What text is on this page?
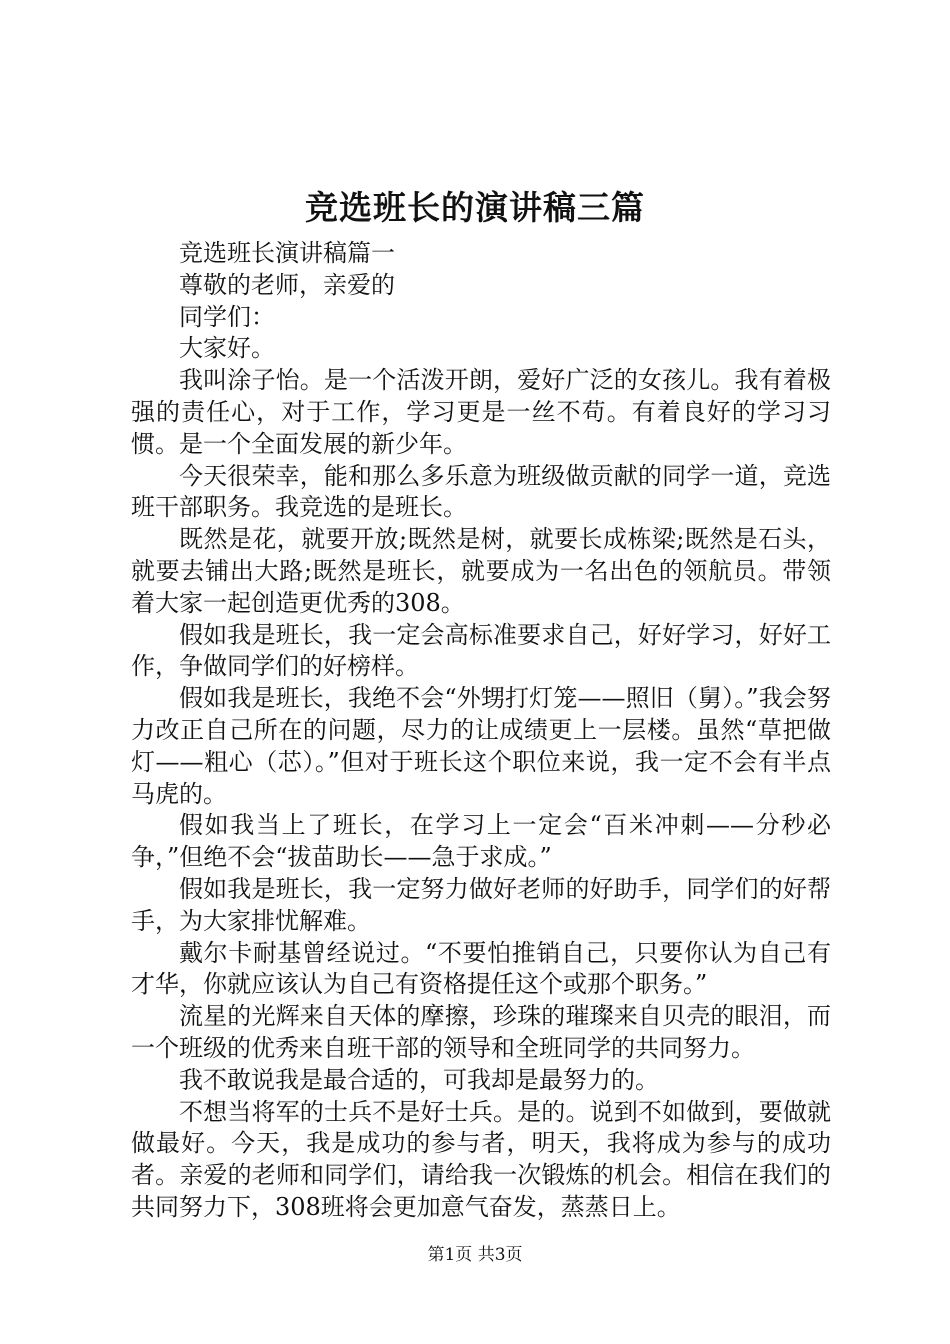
竞选班长的演讲稿三篇

竞选班长演讲稿篇一

尊敬的老师，亲爱的

同学们：

大家好。

我叫涂子怡。是一个活泼开朗，爱好广泛的女孩儿。我有着极强的责任心，对于工作，学习更是一丝不苟。有着良好的学习习惯。是一个全面发展的新少年。

今天很荣幸，能和那么多乐意为班级做贡献的同学一道，竞选班干部职务。我竞选的是班长。

既然是花，就要开放;既然是树，就要长成栋梁;既然是石头，就要去铺出大路;既然是班长，就要成为一名出色的领航员。带领着大家一起创造更优秀的308。

假如我是班长，我一定会高标准要求自己，好好学习，好好工作，争做同学们的好榜样。

假如我是班长，我绝不会“外甥打灯笼——照旧（舅）。”我会努力改正自己所在的问题，尽力的让成绩更上一层楼。虽然“草把做灯——粗心（芯）。”但对于班长这个职位来说，我一定不会有半点马虎的。

假如我当上了班长，在学习上一定会“百米冲刺——分秒必争，”但绝不会“拔苗助长——急于求成。”

假如我是班长，我一定努力做好老师的好助手，同学们的好帮手，为大家排忧解难。

戴尔卡耐基曾经说过。“不要怕推销自己，只要你认为自己有才华，你就应该认为自己有资格提任这个或那个职务。”

流星的光辉来自天体的摩擦，珍珠的璀璨来自贝壳的眼泪，而一个班级的优秀来自班干部的领导和全班同学的共同努力。

我不敢说我是最合适的，可我却是最努力的。

不想当将军的士兵不是好士兵。是的。说到不如做到，要做就做最好。今天，我是成功的参与者，明天，我将成为参与的成功者。亲爱的老师和同学们，请给我一次锻炼的机会。相信在我们的共同努力下，308班将会更加意气奋发，蒸蒸日上。

第1页 共3页
